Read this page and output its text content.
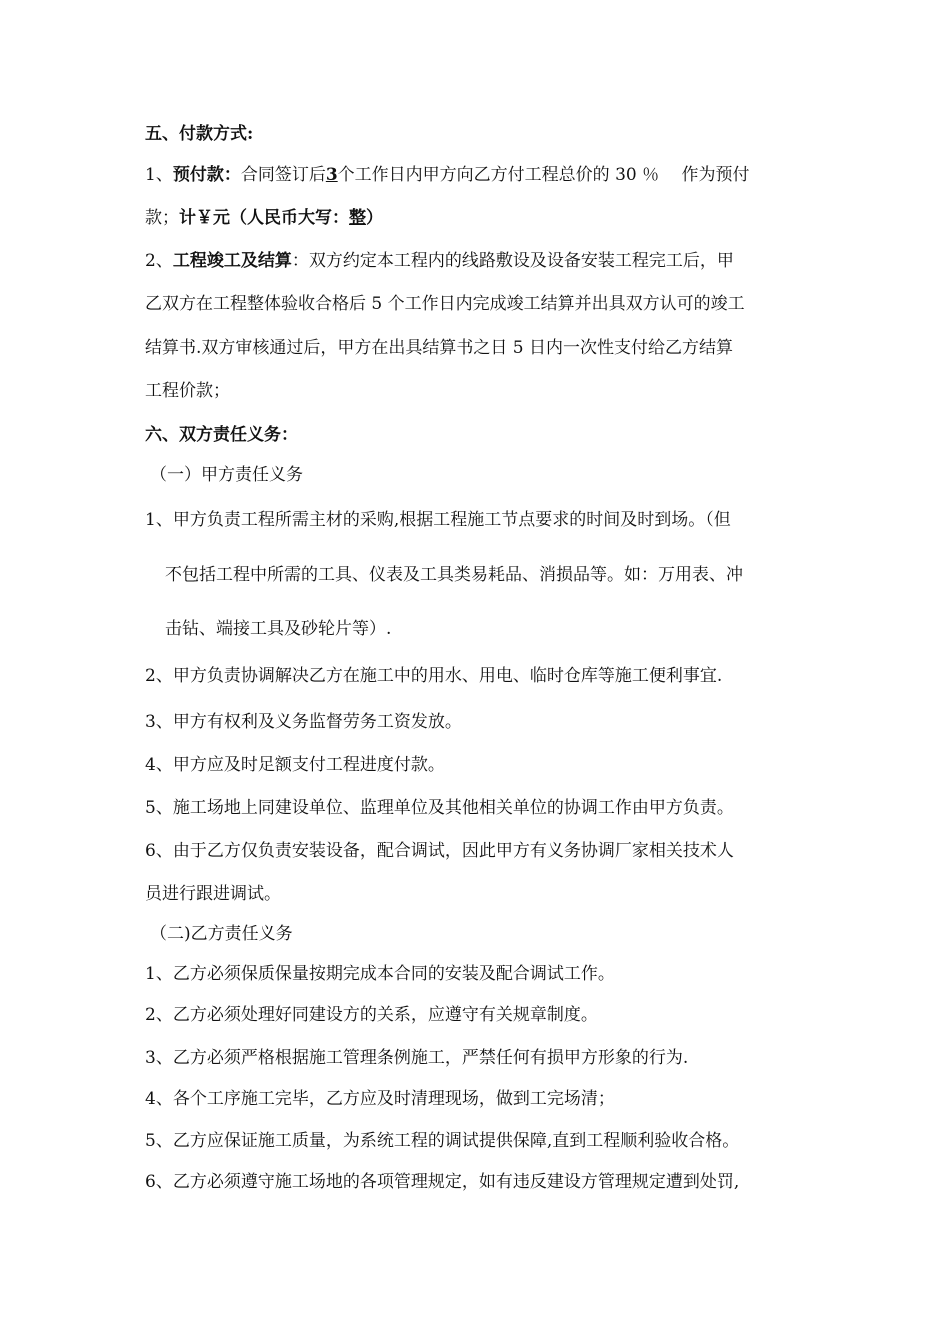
五、付款方式:
1、预付款：合同签订后3个工作日内甲方向乙方付工程总价的 30 ％　 作为预付
款；计￥元（人民币大写：整）
2、工程竣工及结算：双方约定本工程内的线路敷设及设备安装工程完工后，甲
乙双方在工程整体验收合格后 5 个工作日内完成竣工结算并出具双方认可的竣工
结算书.双方审核通过后，甲方在出具结算书之日 5 日内一次性支付给乙方结算
工程价款；
六、双方责任义务：
（一）甲方责任义务
1、甲方负责工程所需主材的采购,根据工程施工节点要求的时间及时到场。（但
不包括工程中所需的工具、仪表及工具类易耗品、消损品等。如：万用表、冲
击钻、端接工具及砂轮片等）.
2、甲方负责协调解决乙方在施工中的用水、用电、临时仓库等施工便利事宜.
3、甲方有权利及义务监督劳务工资发放。
4、甲方应及时足额支付工程进度付款。
5、施工场地上同建设单位、监理单位及其他相关单位的协调工作由甲方负责。
6、由于乙方仅负责安装设备，配合调试，因此甲方有义务协调厂家相关技术人
员进行跟进调试。
（二)乙方责任义务
1、乙方必须保质保量按期完成本合同的安装及配合调试工作。
2、乙方必须处理好同建设方的关系，应遵守有关规章制度。
3、乙方必须严格根据施工管理条例施工，严禁任何有损甲方形象的行为.
4、各个工序施工完毕，乙方应及时清理现场，做到工完场清；
5、乙方应保证施工质量，为系统工程的调试提供保障,直到工程顺利验收合格。
6、乙方必须遵守施工场地的各项管理规定，如有违反建设方管理规定遭到处罚,
